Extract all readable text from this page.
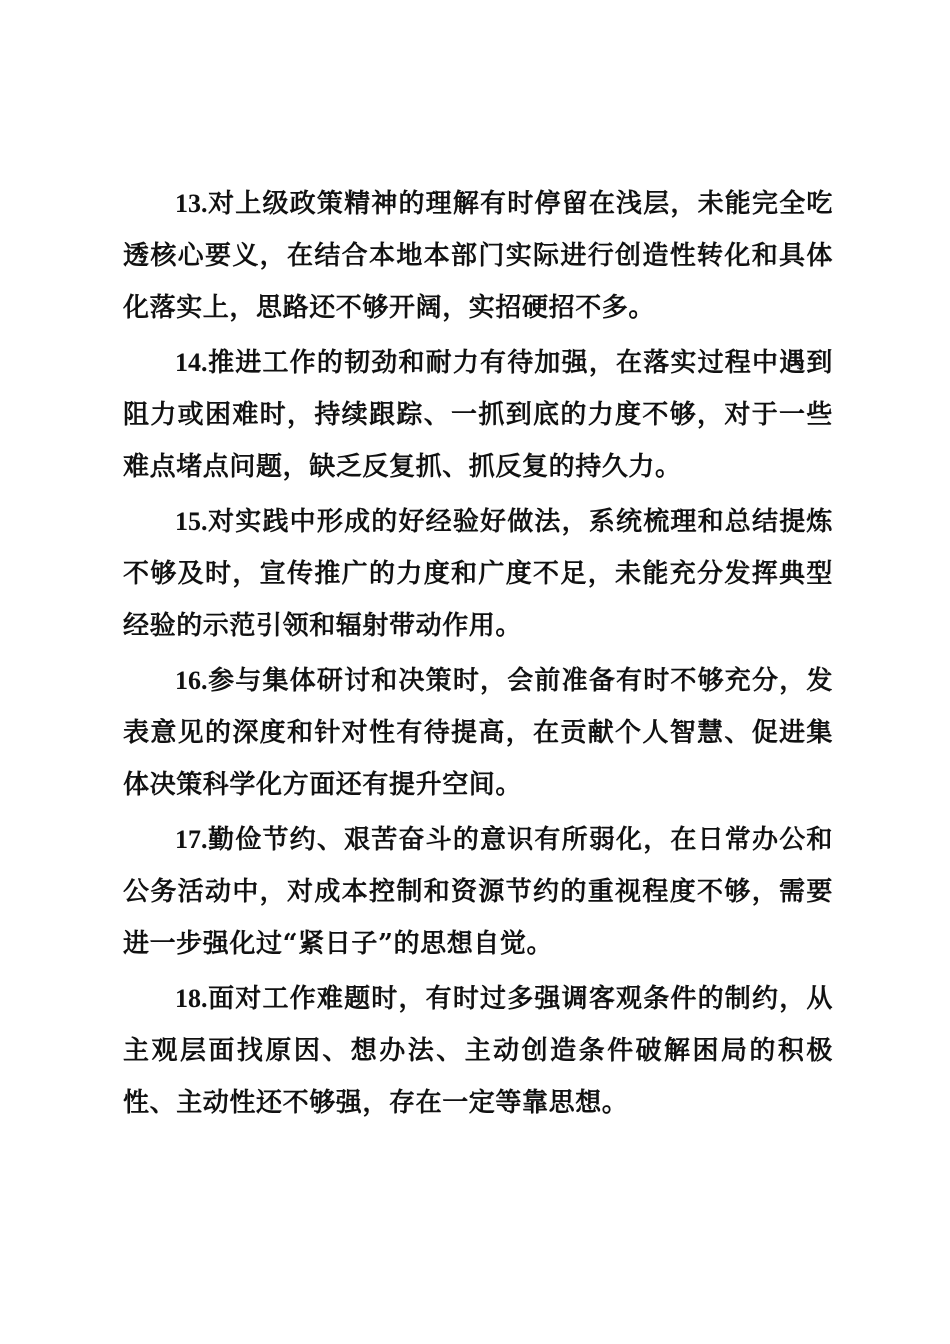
13.对上级政策精神的理解有时停留在浅层，未能完全吃透核心要义，在结合本地本部门实际进行创造性转化和具体化落实上，思路还不够开阔，实招硬招不多。

14.推进工作的韧劲和耐力有待加强，在落实过程中遇到阻力或困难时，持续跟踪、一抓到底的力度不够，对于一些难点堵点问题，缺乏反复抓、抓反复的持久力。

15.对实践中形成的好经验好做法，系统梳理和总结提炼不够及时，宣传推广的力度和广度不足，未能充分发挥典型经验的示范引领和辐射带动作用。

16.参与集体研讨和决策时，会前准备有时不够充分，发表意见的深度和针对性有待提高，在贡献个人智慧、促进集体决策科学化方面还有提升空间。

17.勤俭节约、艰苦奋斗的意识有所弱化，在日常办公和公务活动中，对成本控制和资源节约的重视程度不够，需要进一步强化过“紧日子”的思想自觉。

18.面对工作难题时，有时过多强调客观条件的制约，从主观层面找原因、想办法、主动创造条件破解困局的积极性、主动性还不够强，存在一定等靠思想。
